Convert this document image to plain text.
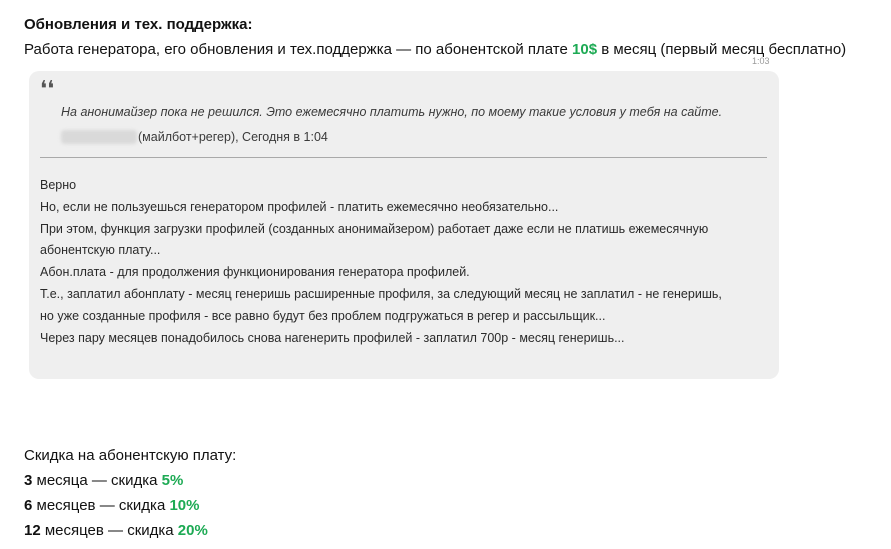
Обновления и тех. поддержка:
Работа генератора, его обновления и тех.поддержка — по абонентской плате 10$ в месяц (первый месяц бесплатно)
1:03
❛❛
На анонимайзер пока не решился. Это ежемесячно платить нужно, по моему такие условия у тебя на сайте.
(майлбот+регер), Сегодня в 1:04
Верно
Но, если не пользуешься генератором профилей - платить ежемесячно необязательно...
При этом, функция загрузки профилей (созданных анонимайзером) работает даже если не платишь ежемесячную абонентскую плату...
Абон.плата - для продолжения функционирования генератора профилей.
Т.е., заплатил абонплату - месяц генеришь расширенные профиля, за следующий месяц не заплатил - не генеришь,
но уже созданные профиля - все равно будут без проблем подгружаться в регер и рассыльщик...
Через пару месяцев понадобилось снова нагенерить профилей - заплатил 700р - месяц генеришь...
Скидка на абонентскую плату:
3 месяца — скидка 5%
6 месяцев — скидка 10%
12 месяцев — скидка 20%
